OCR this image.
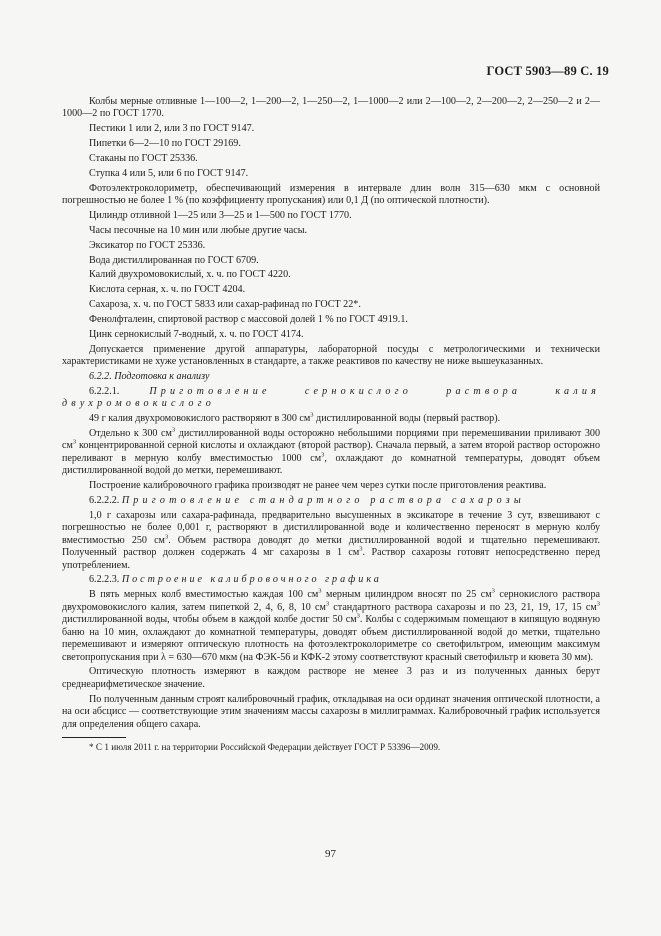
ГОСТ 5903—89 С. 19

Колбы мерные отливные 1—100—2, 1—200—2, 1—250—2, 1—1000—2 или 2—100—2, 2—200—2, 2—250—2 и 2—1000—2 по ГОСТ 1770.

Пестики 1 или 2, или 3 по ГОСТ 9147.

Пипетки 6—2—10 по ГОСТ 29169.

Стаканы по ГОСТ 25336.

Ступка 4 или 5, или 6 по ГОСТ 9147.

Фотоэлектроколориметр, обеспечивающий измерения в интервале длин волн 315—630 мкм с основной погрешностью не более 1 % (по коэффициенту пропускания) или 0,1 Д (по оптической плотности).

Цилиндр отливной 1—25 или 3—25 и 1—500 по ГОСТ 1770.

Часы песочные на 10 мин или любые другие часы.

Эксикатор по ГОСТ 25336.

Вода дистиллированная по ГОСТ 6709.

Калий двухромовокислый, х. ч. по ГОСТ 4220.

Кислота серная, х. ч. по ГОСТ 4204.

Сахароза, х. ч. по ГОСТ 5833 или сахар-рафинад по ГОСТ 22*.

Фенолфталеин, спиртовой раствор с массовой долей 1 % по ГОСТ 4919.1.

Цинк сернокислый 7-водный, х. ч. по ГОСТ 4174.

Допускается применение другой аппаратуры, лабораторной посуды с метрологическими и технически характеристиками не хуже установленных в стандарте, а также реактивов по качеству не ниже вышеуказанных.

6.2.2. Подготовка к анализу

6.2.2.1.	Приготовление сернокислого раствора калия двухромовокислого

49 г калия двухромовокислого растворяют в 300 $см^3$ дистиллированной воды (первый раствор).

Отдельно к 300 $см^3$ дистиллированной воды осторожно небольшими порциями при перемешивании приливают 300 $см^3$ концентрированной серной кислоты и охлаждают (второй раствор). Сначала первый, а затем второй раствор осторожно переливают в мерную колбу вместимостью 1000 $см^3$, охлаждают до комнатной температуры, доводят объем дистиллированной водой до метки, перемешивают.

Построение калибровочного графика производят не ранее чем через сутки после приготовления реактива.

6.2.2.2. Приготовление стандартного раствора сахарозы

1,0 г сахарозы или сахара-рафинада, предварительно высушенных в эксикаторе в течение 3 сут, взвешивают с погрешностью не более 0,001 г, растворяют в дистиллированной воде и количественно переносят в мерную колбу вместимостью 250 $см^3$. Объем раствора доводят до метки дистиллированной водой и тщательно перемешивают. Полученный раствор должен содержать 4 мг сахарозы в 1 $см^3$. Раствор сахарозы готовят непосредственно перед употреблением.

6.2.2.3. Построение калибровочного графика

В пять мерных колб вместимостью каждая 100 $см^3$ мерным цилиндром вносят по 25 $см^3$ сернокислого раствора двухромовокислого калия, затем пипеткой 2, 4, 6, 8, 10 $см^3$ стандартного раствора сахарозы и по 23, 21, 19, 17, 15 $см^3$ дистиллированной воды, чтобы объем в каждой колбе достиг 50 $см^3$. Колбы с содержимым помещают в кипящую водяную баню на 10 мин, охлаждают до комнатной температуры, доводят объем дистиллированной водой до метки, тщательно перемешивают и измеряют оптическую плотность на фотоэлектроколориметре со светофильтром, имеющим максимум светопропускания при λ = 630—670 мкм (на ФЭК-56 и КФК-2 этому соответствуют красный светофильтр и кювета 30 мм).

Оптическую плотность измеряют в каждом растворе не менее 3 раз и из полученных данных берут среднеарифметическое значение.

По полученным данным строят калибровочный график, откладывая на оси ординат значения оптической плотности, а на оси абсцисс — соответствующие этим значениям массы сахарозы в миллиграммах. Калибровочный график используется для определения общего сахара.

* С 1 июля 2011 г. на территории Российской Федерации действует ГОСТ Р 53396—2009.

97
